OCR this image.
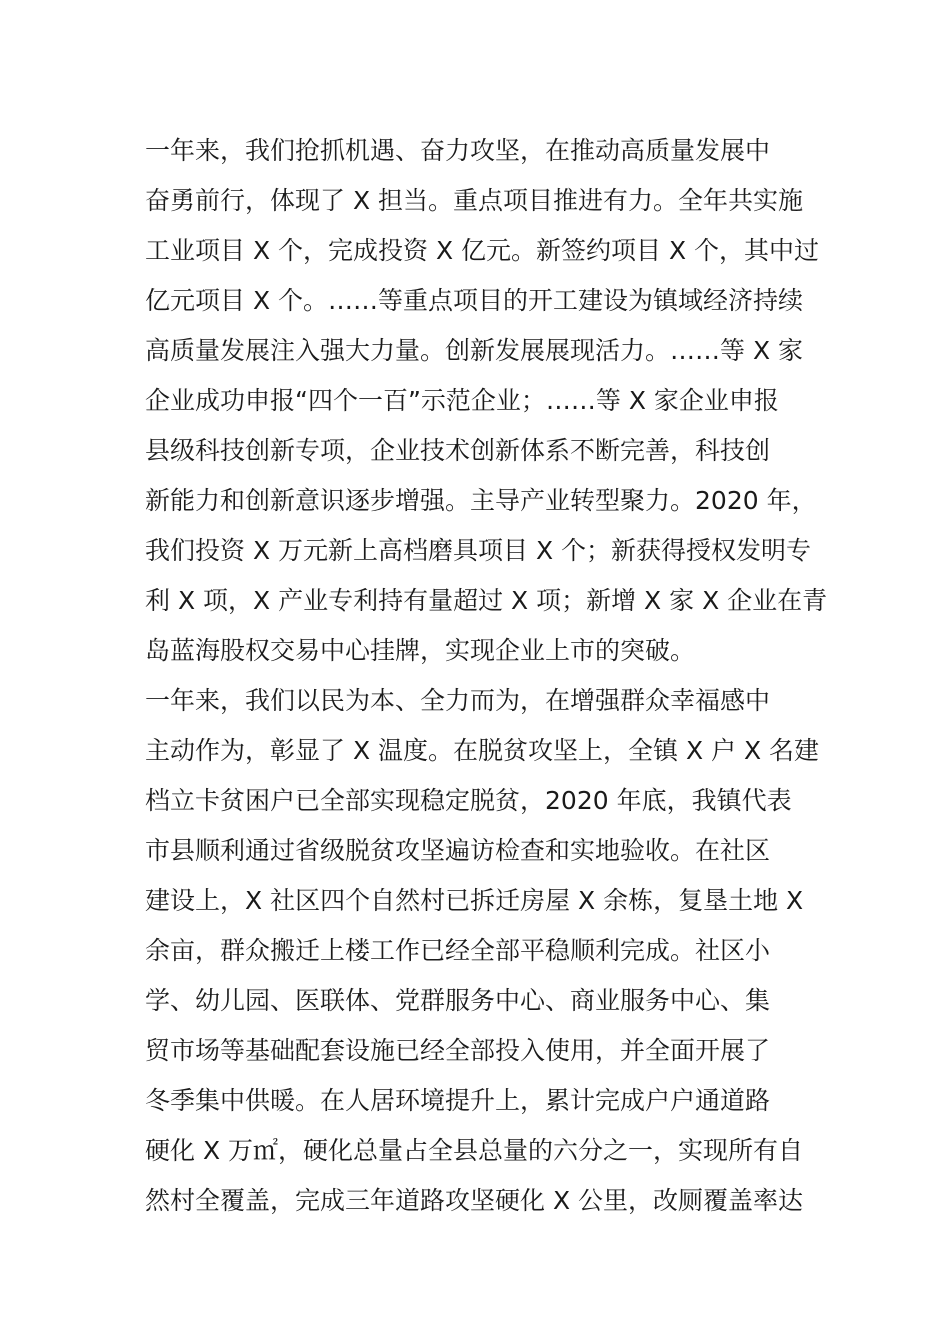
一年来，我们抢抓机遇、奋力攻坚，在推动高质量发展中
奋勇前行，体现了 X 担当。重点项目推进有力。全年共实施
工业项目 X 个，完成投资 X 亿元。新签约项目 X 个，其中过
亿元项目 X 个。……等重点项目的开工建设为镇域经济持续
高质量发展注入强大力量。创新发展展现活力。……等 X 家
企业成功申报“四个一百”示范企业；……等 X 家企业申报
县级科技创新专项，企业技术创新体系不断完善，科技创
新能力和创新意识逐步增强。主导产业转型聚力。2020 年，
我们投资 X 万元新上高档磨具项目 X 个；新获得授权发明专
利 X 项，X 产业专利持有量超过 X 项；新增 X 家 X 企业在青
岛蓝海股权交易中心挂牌，实现企业上市的突破。
一年来，我们以民为本、全力而为，在增强群众幸福感中
主动作为，彰显了 X 温度。在脱贫攻坚上，全镇 X 户 X 名建
档立卡贫困户已全部实现稳定脱贫，2020 年底，我镇代表
市县顺利通过省级脱贫攻坚遍访检查和实地验收。在社区
建设上，X 社区四个自然村已拆迁房屋 X 余栋，复垦土地 X
余亩，群众搬迁上楼工作已经全部平稳顺利完成。社区小
学、幼儿园、医联体、党群服务中心、商业服务中心、集
贸市场等基础配套设施已经全部投入使用，并全面开展了
冬季集中供暖。在人居环境提升上，累计完成户户通道路
硬化 X 万㎡，硬化总量占全县总量的六分之一，实现所有自
然村全覆盖，完成三年道路攻坚硬化 X 公里，改厕覆盖率达
